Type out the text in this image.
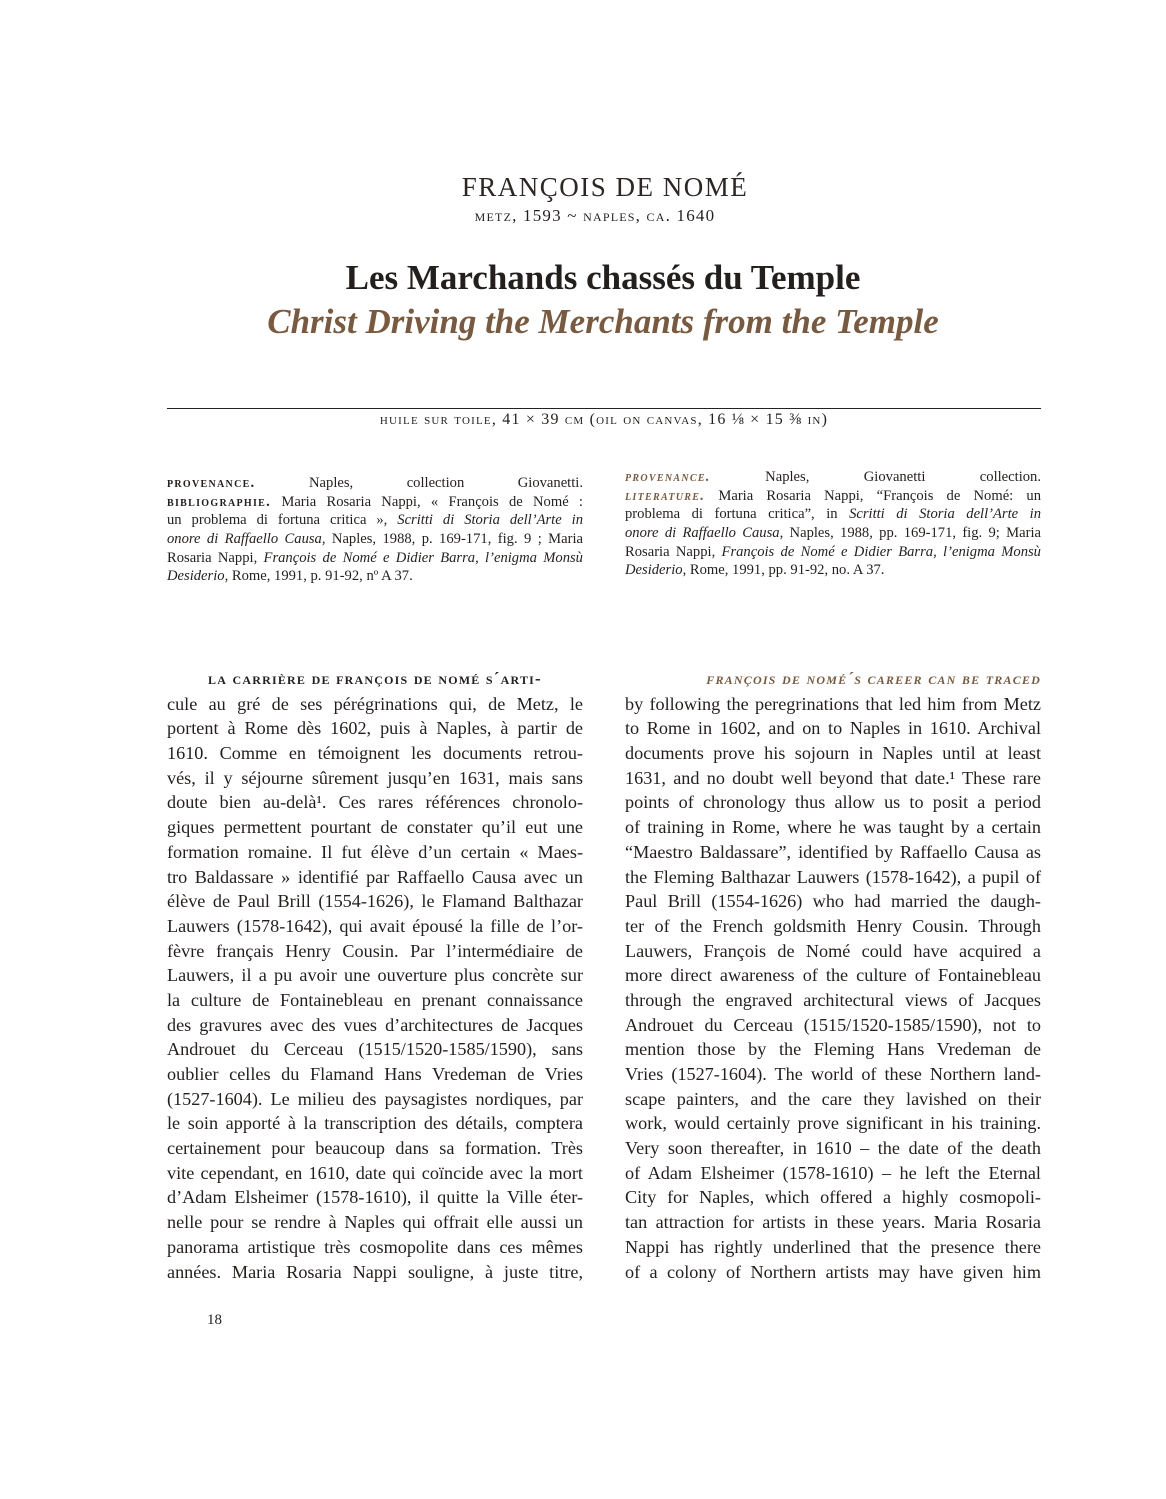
FRANÇOIS DE NOMÉ
metz, 1593 ~ naples, ca. 1640
Les Marchands chassés du Temple
Christ Driving the Merchants from the Temple
huile sur toile, 41 × 39 cm (oil on canvas, 16 ⅛ × 15 ⅜ in)
provenance. Naples, collection Giovanetti.
bibliographie. Maria Rosaria Nappi, « François de Nomé :
un problema di fortuna critica », Scritti di Storia dell’Arte in
onore di Raffaello Causa, Naples, 1988, p. 169-171, fig. 9 ; Maria
Rosaria Nappi, François de Nomé e Didier Barra, l’enigma Monsù
Desiderio, Rome, 1991, p. 91-92, nº A 37.
provenance. Naples, Giovanetti collection.
literature. Maria Rosaria Nappi, “François de Nomé: un
problema di fortuna critica”, in Scritti di Storia dell’Arte in
onore di Raffaello Causa, Naples, 1988, pp. 169-171, fig. 9; Maria
Rosaria Nappi, François de Nomé e Didier Barra, l’enigma Monsù
Desiderio, Rome, 1991, pp. 91-92, no. A 37.
la carrière de françois de nomé s´arti-
cule au gré de ses pérégrinations qui, de Metz, le
portent à Rome dès 1602, puis à Naples, à partir de
1610. Comme en témoignent les documents retrou-
vés, il y séjourne sûrement jusqu’en 1631, mais sans
doute bien au-delà¹. Ces rares références chronolo-
giques permettent pourtant de constater qu’il eut une
formation romaine. Il fut élève d’un certain « Maes-
tro Baldassare » identifié par Raffaello Causa avec un
élève de Paul Brill (1554-1626), le Flamand Balthazar
Lauwers (1578-1642), qui avait épousé la fille de l’or-
fèvre français Henry Cousin. Par l’intermédiaire de
Lauwers, il a pu avoir une ouverture plus concrète sur
la culture de Fontainebleau en prenant connaissance
des gravures avec des vues d’architectures de Jacques
Androuet du Cerceau (1515/1520-1585/1590), sans
oublier celles du Flamand Hans Vredeman de Vries
(1527-1604). Le milieu des paysagistes nordiques, par
le soin apporté à la transcription des détails, comptera
certainement pour beaucoup dans sa formation. Très
vite cependant, en 1610, date qui coïncide avec la mort
d’Adam Elsheimer (1578-1610), il quitte la Ville éter-
nelle pour se rendre à Naples qui offrait elle aussi un
panorama artistique très cosmopolite dans ces mêmes
années. Maria Rosaria Nappi souligne, à juste titre,
françois de nomé´s career can be traced
by following the peregrinations that led him from Metz
to Rome in 1602, and on to Naples in 1610. Archival
documents prove his sojourn in Naples until at least
1631, and no doubt well beyond that date.¹ These rare
points of chronology thus allow us to posit a period
of training in Rome, where he was taught by a certain
“Maestro Baldassare”, identified by Raffaello Causa as
the Fleming Balthazar Lauwers (1578-1642), a pupil of
Paul Brill (1554-1626) who had married the daugh-
ter of the French goldsmith Henry Cousin. Through
Lauwers, François de Nomé could have acquired a
more direct awareness of the culture of Fontainebleau
through the engraved architectural views of Jacques
Androuet du Cerceau (1515/1520-1585/1590), not to
mention those by the Fleming Hans Vredeman de
Vries (1527-1604). The world of these Northern land-
scape painters, and the care they lavished on their
work, would certainly prove significant in his training.
Very soon thereafter, in 1610 – the date of the death
of Adam Elsheimer (1578-1610) – he left the Eternal
City for Naples, which offered a highly cosmopoli-
tan attraction for artists in these years. Maria Rosaria
Nappi has rightly underlined that the presence there
of a colony of Northern artists may have given him
18
